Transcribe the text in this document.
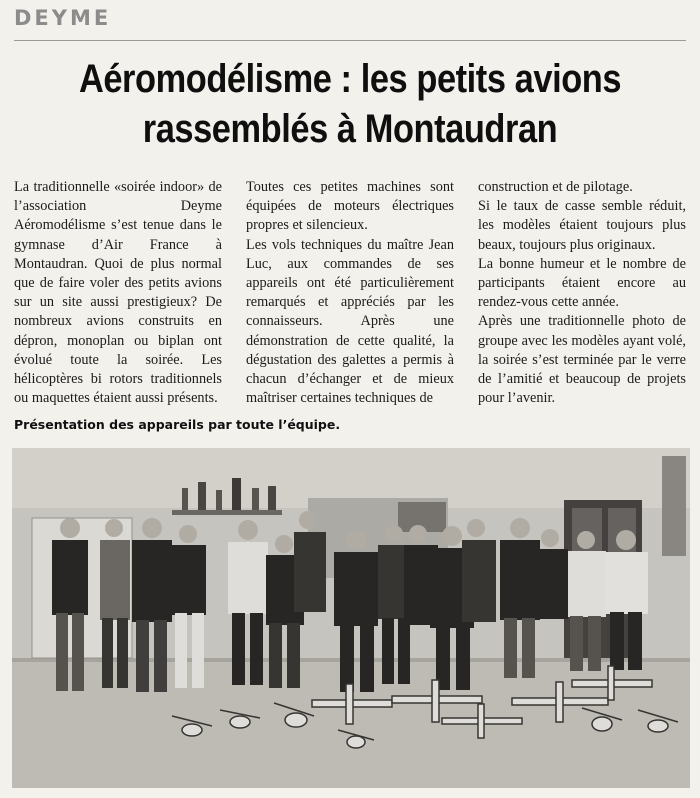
DEYME
Aéromodélisme : les petits avions
rassemblés à Montaudran

La traditionnelle «soirée indoor» de l’association Deyme Aéromodélisme s’est tenue dans le gymnase d’Air France à Montaudran. Quoi de plus normal que de faire voler des petits avions sur un site aussi prestigieux? De nombreux avions construits en dépron, monoplan ou biplan ont évolué toute la soirée. Les hélicoptères bi rotors traditionnels ou maquettes étaient aussi présents.

Toutes ces petites machines sont équipées de moteurs électriques propres et silencieux.

Les vols techniques du maître Jean Luc, aux commandes de ses appareils ont été particulièrement remarqués et appréciés par les connaisseurs. Après une démonstration de cette qualité, la dégustation des galettes a permis à chacun d’échanger et de mieux maîtriser certaines techniques de

construction et de pilotage.

Si le taux de casse semble réduit, les modèles étaient toujours plus beaux, toujours plus originaux.

La bonne humeur et le nombre de participants étaient encore au rendez-vous cette année.

Après une traditionnelle photo de groupe avec les modèles ayant volé, la soirée s’est terminée par le verre de l’amitié et beaucoup de projets pour l’avenir.

Présentation des appareils par toute l’équipe.
